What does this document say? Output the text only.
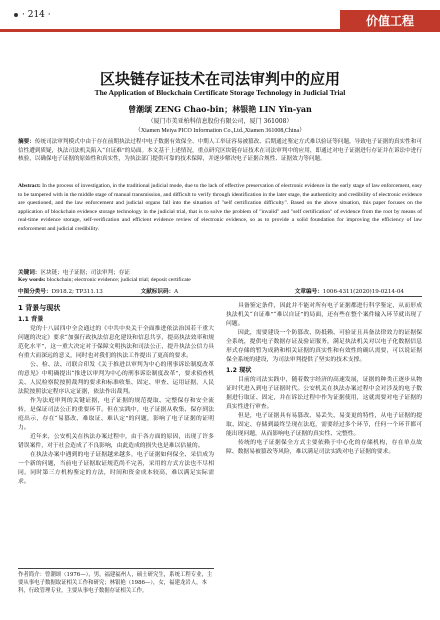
· 214 ·	价值工程
区块链存证技术在司法审判中的应用
The Application of Blockchain Certificate Storage Technology in Judicial Trial
曾潮颂 ZENG Chao-bin；林银艳 LIN Yin-yan
（厦门市美亚柏科信息股份有限公司，厦门 361008）
（Xiamen Meiya PICO Information Co.,Ltd.,Xiamen 361008,China）
摘要：传统司法审判模式中由于存在前期执法过程中电子数据有效保全、中期人工举证容易被篡改、后期通过鉴定方式难以验证等问题，导致电子证据的真实性和可信性遭到质疑，执法司法机关陷入“自证难”的局面。本文基于上述情况，重点研究区块链存证技术在司法审判中的应用，即通过对电子证据进行存证并在诉讼中进行核验，以确保电子证据的原始性和真实性，为执法部门提供可靠的技术保障，并逐步解决电子证据合规性、证据效力等问题。
Abstract: In the process of investigation, in the traditional judicial mode, due to the lack of effective preservation of electronic evidence in the early stage of law enforcement, easy to be tampered with in the middle stage of manual transmission, and difficult to verify through identification in the later stage, the authenticity and credibility of electronic evidence are questioned, and the law enforcement and judicial organs fall into the situation of "self certification difficulty". Based on the above situation, this paper focuses on the application of blockchain evidence storage technology in the judicial trial, that is to solve the problem of "invalid" and "self certification" of evidence from the root by means of real-time evidence storage, self-verification and efficient evidence review of electronic evidence, so as to provide a solid foundation for improving the efficiency of law enforcement and judicial credibility.
关键词：区块链；电子证据；司法审判；存证
Key words: blockchain; electronic evidence; judicial trial; deposit certificate
中图分类号：D918.2; TP311.13	文献标识码：A	文章编号：1006-4311(2020)19-0214-04
1 背景与现状
1.1 背景

党的十八届四中全会通过的《中共中央关于全面推进依法治国若干重大问题的决定》要求“加强行政执法信息化建设和信息共享，提高执法效率和规范化水平”，这一重大决定对于保障文明执法和司法公正，提升执法公信力具有重大而深远的意义，同时也对我们的执法工作提出了更高的要求。

公、检、法、司联合印发《关于推进以审判为中心的刑事诉讼制度改革的意见》中明确提出“推进以审判为中心的刑事诉讼制度改革”，要求侦查机关、人民检察院按照裁判的要求和标准收集、固定、审查、运用证据，人民法院按照法定程序认定证据，依法作出裁判。

作为法庭审判的关键证据，电子证据的规范提取、完整保存和安全流转，是保证司法公正的重要环节。但在实践中，电子证据从收集、保存到法庭出示，存在“易篡改、难取证、难认定”的问题，影响了电子证据的证明力。

近年来，公安机关在执法办案过程中，由于各方面的原因，出现了许多错误案件，对于社会造成了不良影响，由此造成的损失也是难以估量的。

在执法办案中遇到的电子证据越来越多，电子证据如何保全、采信成为一个新的问题，当前电子证据取证规范尚不完善，采用的方式方法也不尽相同，同时第三方机构鉴定的方法，时间和资金成本较高，难以满足实际需求。

具备鉴定条件，因此并不能对所有电子证据都进行科学鉴定，从而形成执法机关“自证难”“难以自证”的局面，还有些在整个案件输入环节就出现了问题。

因此，需要建设一个防篡改、防抵赖、可验证且具备法律效力的证据保全系统，提供电子数据存证及验证服务，满足执法机关对以电子化数据信息形式存储的暂为成熟和相关证据的真实性和有效性的确认需要，可以说证据保全系统的建设，为司法审判提供了坚实的技术支撑。

1.2 现状

目前的司法实践中，随着数字经济的高速发展，证据的种类正逐步从物证时代进入到电子证据时代。公安机关在执法办案过程中会对涉及的电子数据进行取证、固定，并在诉讼过程中作为证据使用，这就需要对电子证据的真实性进行审查。

但是，电子证据具有易篡改、易丢失、易变更的特性，从电子证据的提取、固定、存储到最终呈现在法庭，需要经过多个环节，任何一个环节都可能出现问题，从而影响电子证据的真实性、完整性。

传统的电子证据保全方式主要依赖于中心化的存储机构，存在单点故障、数据易被篡改等风险，难以满足司法实践对电子证据的要求。

作者简介：曾潮颂（1976—），男，福建福州人，硕士研究生，系统工程专业，主要从事电子数据取证相关工作和研究；林银艳（1986—），女，福建龙岩人，本科，行政管理专业，主要从事电子数据存证相关工作。
